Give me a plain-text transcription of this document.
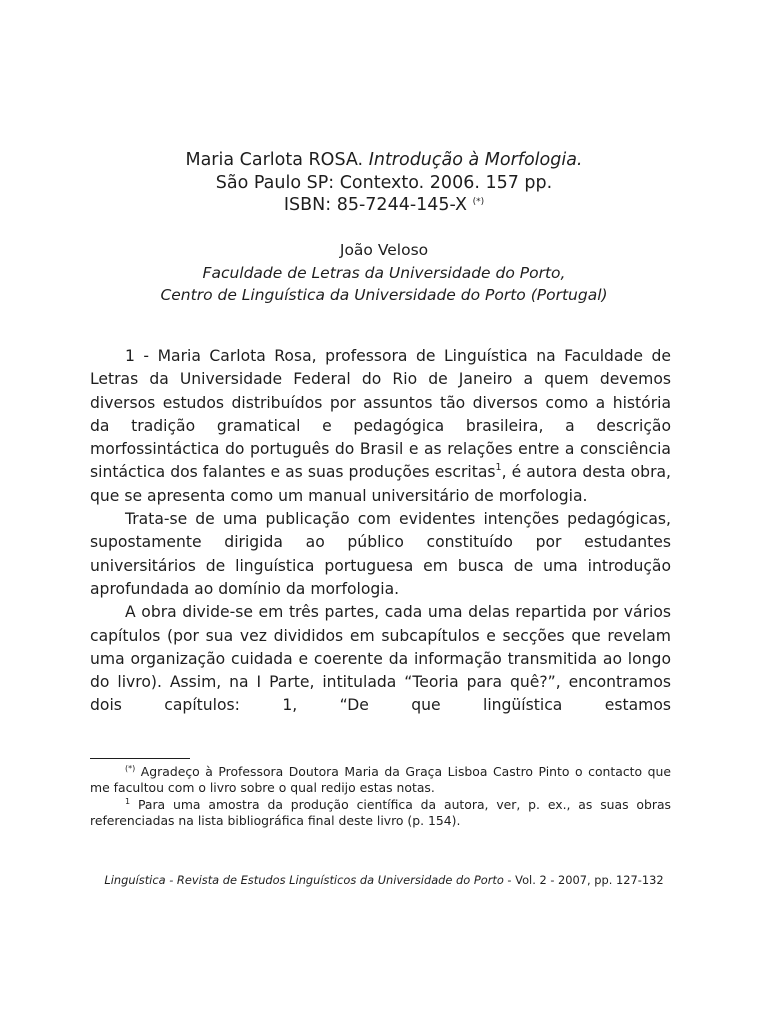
Maria Carlota ROSA. Introdução à Morfologia.
São Paulo SP: Contexto. 2006. 157 pp.
ISBN: 85-7244-145-X (*)
João Veloso
Faculdade de Letras da Universidade do Porto,
Centro de Linguística da Universidade do Porto (Portugal)

1 - Maria Carlota Rosa, professora de Linguística na Faculdade de Letras da Universidade Federal do Rio de Janeiro a quem devemos diversos estudos distribuídos por assuntos tão diversos como a história da tradição gramatical e pedagógica brasileira, a descrição morfossintáctica do português do Brasil e as relações entre a consciência sintáctica dos falantes e as suas produções escritas$^1$, é autora desta obra, que se apresenta como um manual universitário de morfologia.

Trata-se de uma publicação com evidentes intenções pedagógicas, supostamente dirigida ao público constituído por estudantes universitários de linguística portuguesa em busca de uma introdução aprofundada ao domínio da morfologia.

A obra divide-se em três partes, cada uma delas repartida por vários capítulos (por sua vez divididos em subcapítulos e secções que revelam uma organização cuidada e coerente da informação transmitida ao longo do livro). Assim, na I Parte, intitulada “Teoria para quê?”, encontramos dois capítulos: 1, “De que lingüística estamos

(*) Agradeço à Professora Doutora Maria da Graça Lisboa Castro Pinto o contacto que me facultou com o livro sobre o qual redijo estas notas.

$^1$ Para uma amostra da produção científica da autora, ver, p. ex., as suas obras referenciadas na lista bibliográfica final deste livro (p. 154).

Linguística - Revista de Estudos Linguísticos da Universidade do Porto - Vol. 2 - 2007, pp. 127-132
